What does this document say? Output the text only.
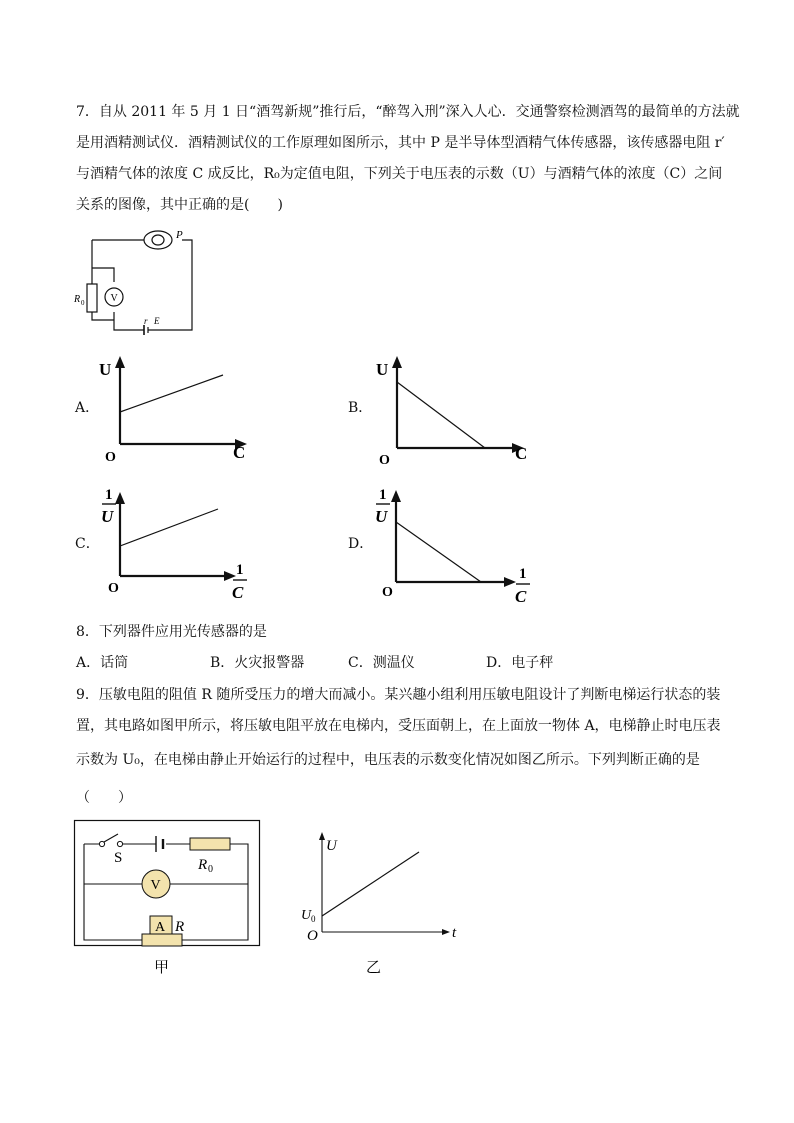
7．自从 2011 年 5 月 1 日“酒驾新规”推行后，“醉驾入刑”深入人心．交通警察检测酒驾的最简单的方法就
是用酒精测试仪．酒精测试仪的工作原理如图所示，其中 P 是半导体型酒精气体传感器，该传感器电阻 r′
与酒精气体的浓度 C 成反比，R₀为定值电阻，下列关于电压表的示数（U）与酒精气体的浓度（C）之间
关系的图像，其中正确的是(　　)
P
R 0	V
r E
A．
U
C
O
B．
U
C
O
C．
1
U
1
C
O
D．
1
U
1
C
O
8．下列器件应用光传感器的是
A．话筒	B．火灾报警器	C．测温仪	D．电子秤
9．压敏电阻的阻值 R 随所受压力的增大而减小。某兴趣小组利用压敏电阻设计了判断电梯运行状态的装
置，其电路如图甲所示，将压敏电阻平放在电梯内，受压面朝上，在上面放一物体 A，电梯静止时电压表
示数为 U₀，在电梯由静止开始运行的过程中，电压表的示数变化情况如图乙所示。下列判断正确的是
（　　）
S	R 0
V
A R
甲
U
U 0
O	t
乙
